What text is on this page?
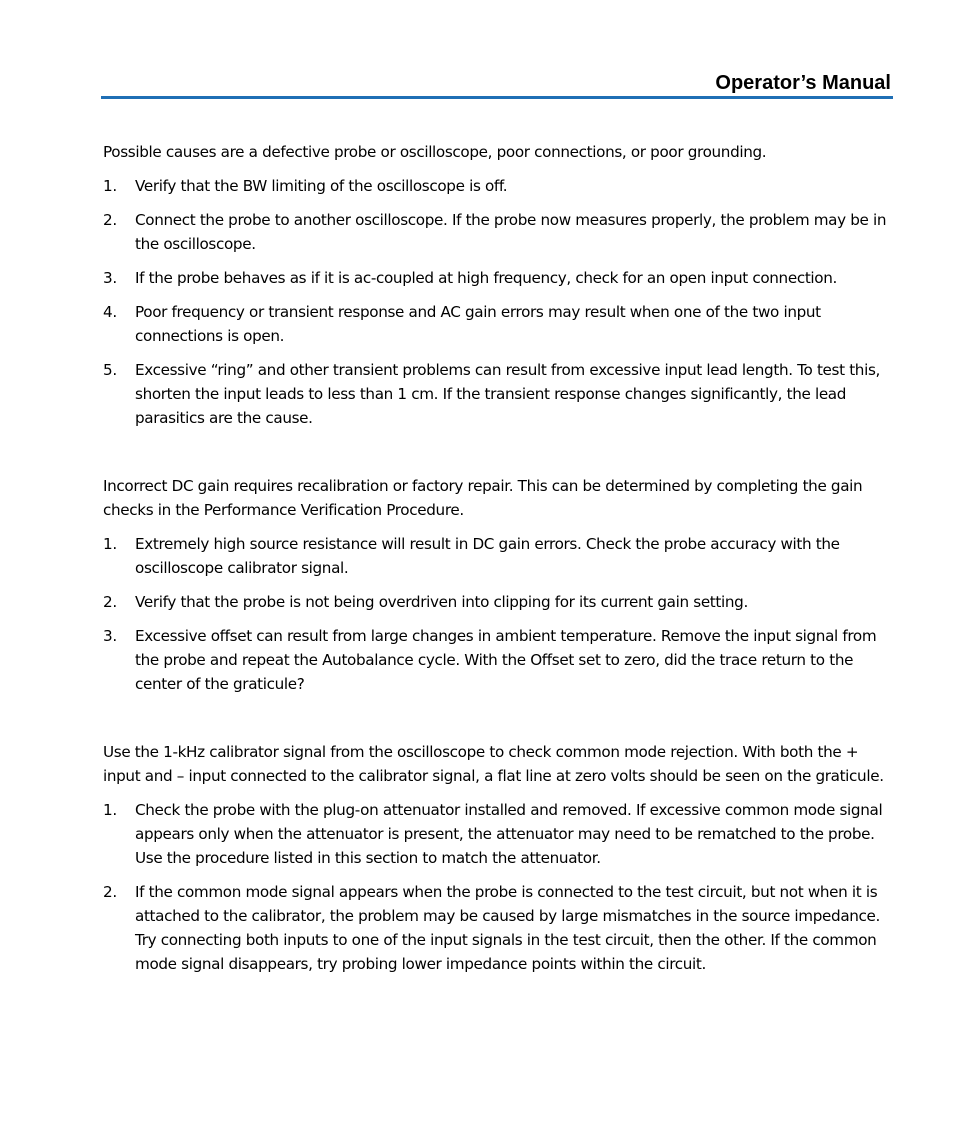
Operator’s Manual

Possible causes are a defective probe or oscilloscope, poor connections, or poor grounding.

1. Verify that the BW limiting of the oscilloscope is off.
2. Connect the probe to another oscilloscope. If the probe now measures properly, the problem may be in the oscilloscope.
3. If the probe behaves as if it is ac-coupled at high frequency, check for an open input connection.
4. Poor frequency or transient response and AC gain errors may result when one of the two input connections is open.
5. Excessive “ring” and other transient problems can result from excessive input lead length. To test this, shorten the input leads to less than 1 cm. If the transient response changes significantly, the lead parasitics are the cause.

Incorrect DC gain requires recalibration or factory repair. This can be determined by completing the gain checks in the Performance Verification Procedure.

1. Extremely high source resistance will result in DC gain errors. Check the probe accuracy with the oscilloscope calibrator signal.
2. Verify that the probe is not being overdriven into clipping for its current gain setting.
3. Excessive offset can result from large changes in ambient temperature. Remove the input signal from the probe and repeat the Autobalance cycle. With the Offset set to zero, did the trace return to the center of the graticule?

Use the 1-kHz calibrator signal from the oscilloscope to check common mode rejection. With both the + input and – input connected to the calibrator signal, a flat line at zero volts should be seen on the graticule.

1. Check the probe with the plug-on attenuator installed and removed. If excessive common mode signal appears only when the attenuator is present, the attenuator may need to be rematched to the probe. Use the procedure listed in this section to match the attenuator.
2. If the common mode signal appears when the probe is connected to the test circuit, but not when it is attached to the calibrator, the problem may be caused by large mismatches in the source impedance. Try connecting both inputs to one of the input signals in the test circuit, then the other. If the common mode signal disappears, try probing lower impedance points within the circuit.
